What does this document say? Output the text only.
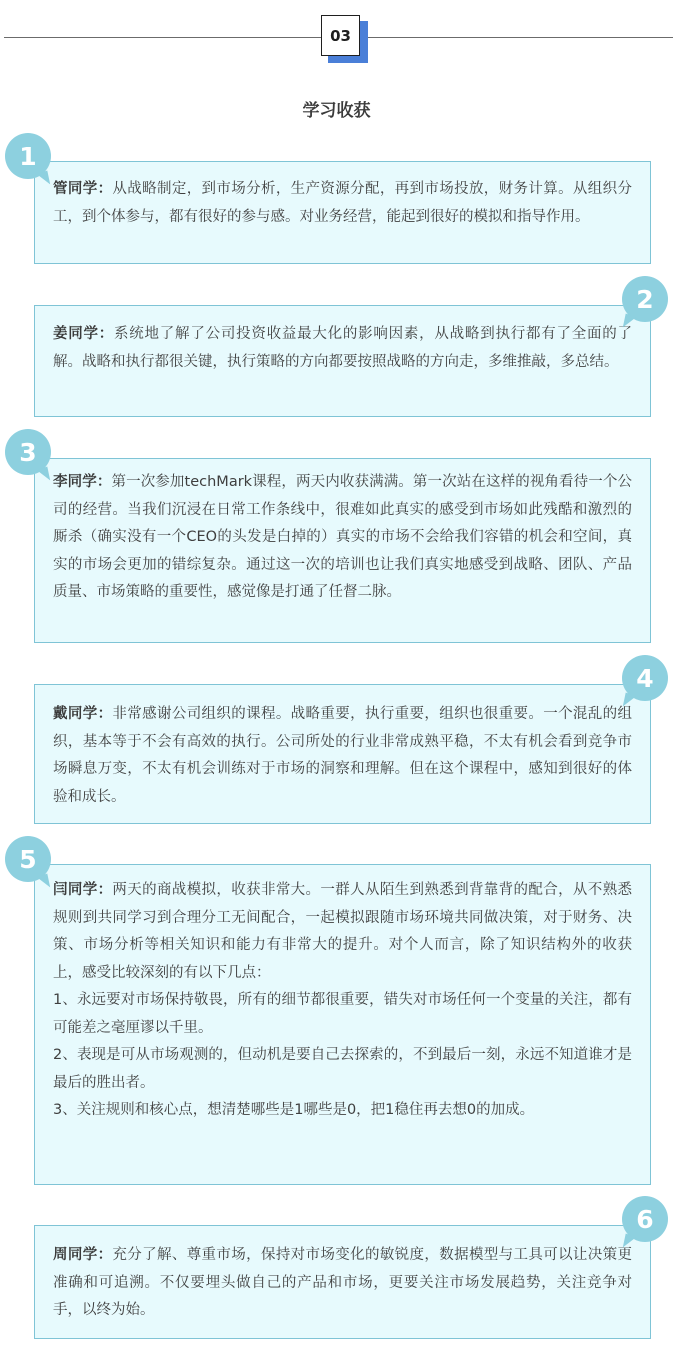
03
学习收获

管同学：从战略制定，到市场分析，生产资源分配，再到市场投放，财务计算。从组织分工，到个体参与，都有很好的参与感。对业务经营，能起到很好的模拟和指导作用。

1

姜同学：系统地了解了公司投资收益最大化的影响因素，从战略到执行都有了全面的了解。战略和执行都很关键，执行策略的方向都要按照战略的方向走，多维推敲，多总结。

2

李同学：第一次参加techMark课程，两天内收获满满。第一次站在这样的视角看待一个公司的经营。当我们沉浸在日常工作条线中，很难如此真实的感受到市场如此残酷和激烈的厮杀（确实没有一个CEO的头发是白掉的）真实的市场不会给我们容错的机会和空间，真实的市场会更加的错综复杂。通过这一次的培训也让我们真实地感受到战略、团队、产品质量、市场策略的重要性，感觉像是打通了任督二脉。

3

戴同学：非常感谢公司组织的课程。战略重要，执行重要，组织也很重要。一个混乱的组织，基本等于不会有高效的执行。公司所处的行业非常成熟平稳，不太有机会看到竞争市场瞬息万变，不太有机会训练对于市场的洞察和理解。但在这个课程中，感知到很好的体验和成长。

4

闫同学：两天的商战模拟，收获非常大。一群人从陌生到熟悉到背靠背的配合，从不熟悉规则到共同学习到合理分工无间配合，一起模拟跟随市场环境共同做决策，对于财务、决策、市场分析等相关知识和能力有非常大的提升。对个人而言，除了知识结构外的收获上，感受比较深刻的有以下几点：

1、永远要对市场保持敬畏，所有的细节都很重要，错失对市场任何一个变量的关注，都有可能差之毫厘谬以千里。

2、表现是可从市场观测的，但动机是要自己去探索的，不到最后一刻，永远不知道谁才是最后的胜出者。

3、关注规则和核心点，想清楚哪些是1哪些是0，把1稳住再去想0的加成。

5

周同学：充分了解、尊重市场，保持对市场变化的敏锐度，数据模型与工具可以让决策更准确和可追溯。不仅要埋头做自己的产品和市场，更要关注市场发展趋势，关注竞争对手，以终为始。

6
